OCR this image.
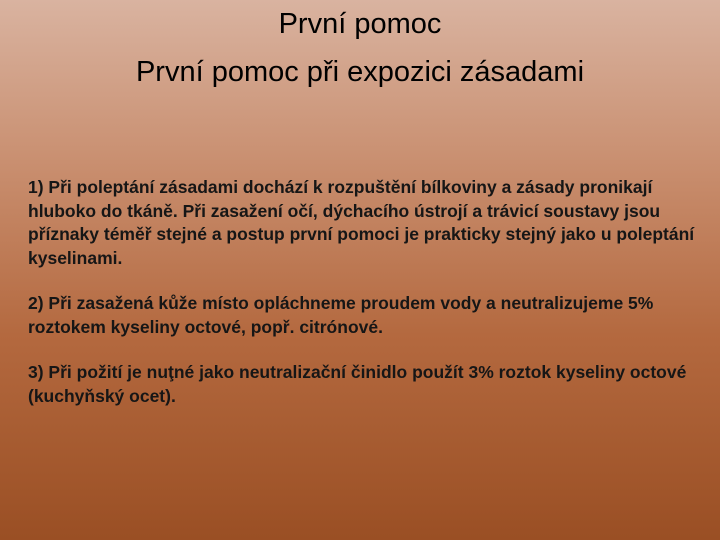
První pomoc
První pomoc při expozici zásadami

1) Při poleptání zásadami dochází k rozpuštění bílkoviny a zásady pronikají hluboko do tkáně. Při zasažení očí, dýchacího ústrojí a trávicí soustavy jsou příznaky téměř stejné a postup první pomoci je prakticky stejný jako u poleptání kyselinami.

2) Při zasažená kůže místo opláchneme proudem vody a neutralizujeme 5% roztokem kyseliny octové, popř. citrónové.

3) Při požití je nuţné jako neutralizační činidlo použít 3% roztok kyseliny octové (kuchyňský ocet).
